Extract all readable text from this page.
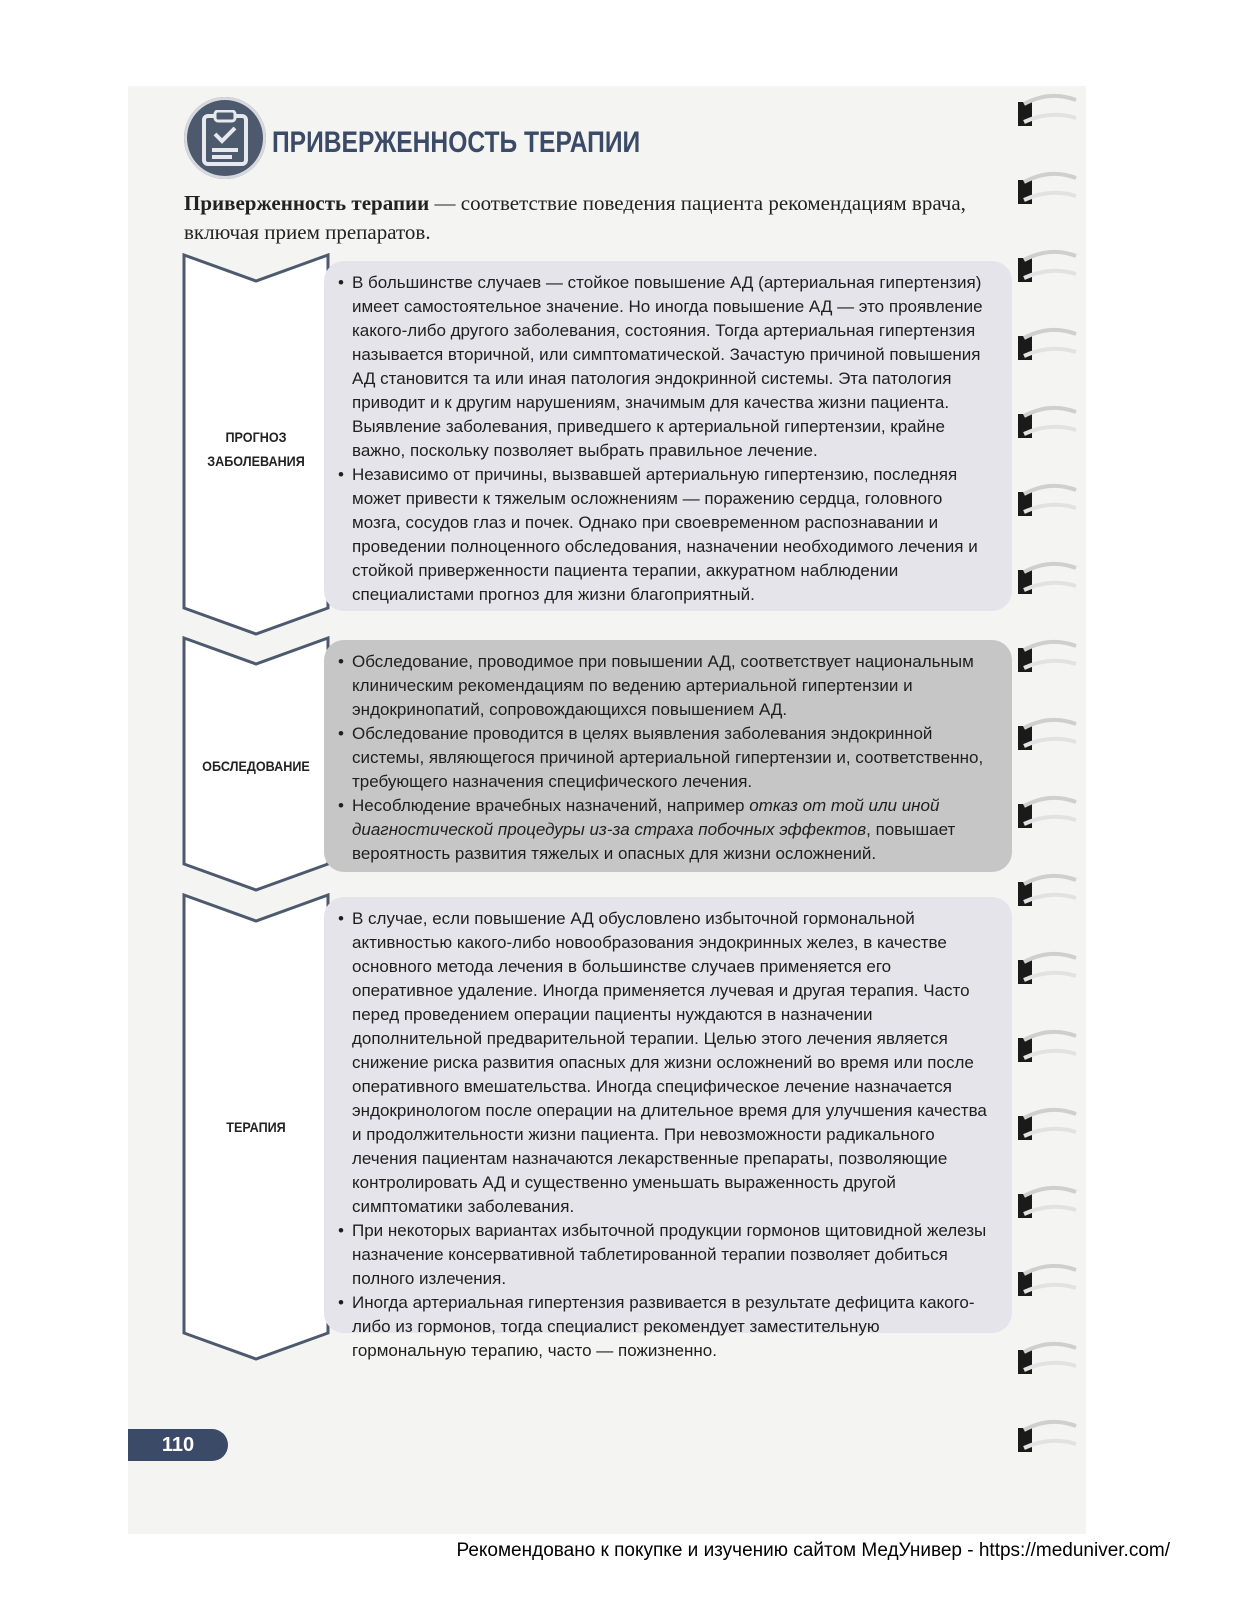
ПРИВЕРЖЕННОСТЬ ТЕРАПИИ
Приверженность терапии — соответствие поведения пациента рекомендациям врача, включая прием препаратов.
ПРОГНОЗ ЗАБОЛЕВАНИЯ
• В большинстве случаев — стойкое повышение АД (артериальная гипертензия) имеет самостоятельное значение. Но иногда повышение АД — это проявление какого-либо другого заболевания, состояния. Тогда артериальная гипертензия называется вторичной, или симптоматической. Зачастую причиной повышения АД становится та или иная патология эндокринной системы. Эта патология приводит и к другим нарушениям, значимым для качества жизни пациента. Выявление заболевания, приведшего к артериальной гипертензии, крайне важно, поскольку позволяет выбрать правильное лечение.
• Независимо от причины, вызвавшей артериальную гипертензию, последняя может привести к тяжелым осложнениям — поражению сердца, головного мозга, сосудов глаз и почек. Однако при своевременном распознавании и проведении полноценного обследования, назначении необходимого лечения и стойкой приверженности пациента терапии, аккуратном наблюдении специалистами прогноз для жизни благоприятный.
ОБСЛЕДОВАНИЕ
• Обследование, проводимое при повышении АД, соответствует национальным клиническим рекомендациям по ведению артериальной гипертензии и эндокринопатий, сопровождающихся повышением АД.
• Обследование проводится в целях выявления заболевания эндокринной системы, являющегося причиной артериальной гипертензии и, соответственно, требующего назначения специфического лечения.
• Несоблюдение врачебных назначений, например отказ от той или иной диагностической процедуры из-за страха побочных эффектов, повышает вероятность развития тяжелых и опасных для жизни осложнений.
ТЕРАПИЯ
• В случае, если повышение АД обусловлено избыточной гормональной активностью какого-либо новообразования эндокринных желез, в качестве основного метода лечения в большинстве случаев применяется его оперативное удаление. Иногда применяется лучевая и другая терапия. Часто перед проведением операции пациенты нуждаются в назначении дополнительной предварительной терапии. Целью этого лечения является снижение риска развития опасных для жизни осложнений во время или после оперативного вмешательства. Иногда специфическое лечение назначается эндокринологом после операции на длительное время для улучшения качества и продолжительности жизни пациента. При невозможности радикального лечения пациентам назначаются лекарственные препараты, позволяющие контролировать АД и существенно уменьшать выраженность другой симптоматики заболевания.
• При некоторых вариантах избыточной продукции гормонов щитовидной железы назначение консервативной таблетированной терапии позволяет добиться полного излечения.
• Иногда артериальная гипертензия развивается в результате дефицита какого-либо из гормонов, тогда специалист рекомендует заместительную гормональную терапию, часто — пожизненно.
110
Рекомендовано к покупке и изучению сайтом МедУнивер - https://meduniver.com/
